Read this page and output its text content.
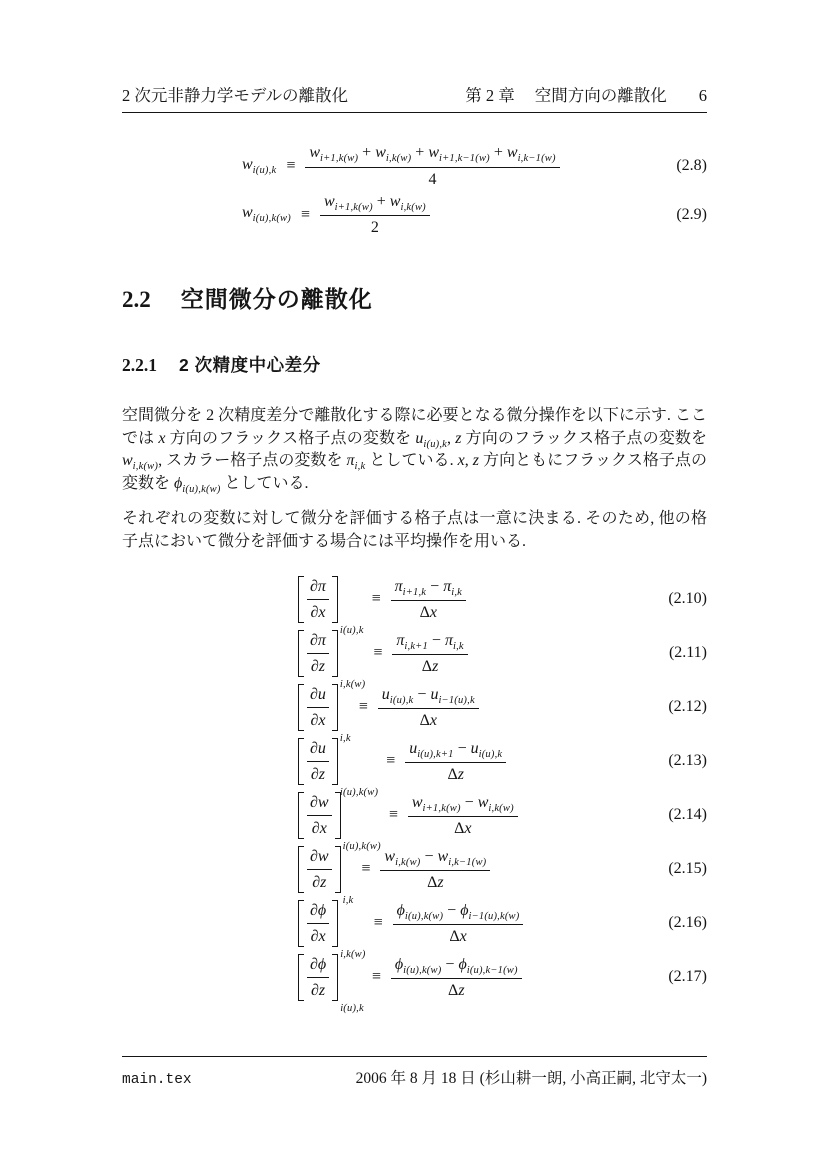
2 次元非静力学モデルの離散化	第 2 章 空間方向の離散化 6
$w_{i(u),k} \equiv \frac{w_{i+1,k(w)} + w_{i,k(w)} + w_{i+1,k-1(w)} + w_{i,k-1(w)}}{4}$	(2.8)
$w_{i(u),k(w)} \equiv \frac{w_{i+1,k(w)} + w_{i,k(w)}}{2}$	(2.9)
2.2 空間微分の離散化
2.2.1 2 次精度中心差分

空間微分を 2 次精度差分で離散化する際に必要となる微分操作を以下に示す. ここでは x 方向のフラックス格子点の変数を $u_{i(u),k}$, z 方向のフラックス格子点の変数を $w_{i,k(w)}$, スカラー格子点の変数を $\pi_{i,k}$ としている. x, z 方向ともにフラックス格子点の変数を $\phi_{i(u),k(w)}$ としている.

それぞれの変数に対して微分を評価する格子点は一意に決まる. そのため, 他の格子点において微分を評価する場合には平均操作を用いる.

$\frac{\partial\pi}{\partial x}$
i(u),k
≡ $\frac{\pi_{i+1,k} - \pi_{i,k}}{\Delta x}$	(2.10)
$\frac{\partial\pi}{\partial z}$
i,k(w)
≡ $\frac{\pi_{i,k+1} - \pi_{i,k}}{\Delta z}$	(2.11)
$\frac{\partial u}{\partial x}$
i,k
≡ $\frac{u_{i(u),k} - u_{i-1(u),k}}{\Delta x}$	(2.12)
$\frac{\partial u}{\partial z}$
i(u),k(w)
≡ $\frac{u_{i(u),k+1} - u_{i(u),k}}{\Delta z}$	(2.13)
$\frac{\partial w}{\partial x}$
i(u),k(w)
≡ $\frac{w_{i+1,k(w)} - w_{i,k(w)}}{\Delta x}$	(2.14)
$\frac{\partial w}{\partial z}$
i,k
≡ $\frac{w_{i,k(w)} - w_{i,k-1(w)}}{\Delta z}$	(2.15)
$\frac{\partial\phi}{\partial x}$
i,k(w)
≡ $\frac{\phi_{i(u),k(w)} - \phi_{i-1(u),k(w)}}{\Delta x}$	(2.16)
$\frac{\partial\phi}{\partial z}$
i(u),k
≡ $\frac{\phi_{i(u),k(w)} - \phi_{i(u),k-1(w)}}{\Delta z}$	(2.17)
main.tex	2006 年 8 月 18 日 (杉山耕一朗, 小高正嗣, 北守太一)
